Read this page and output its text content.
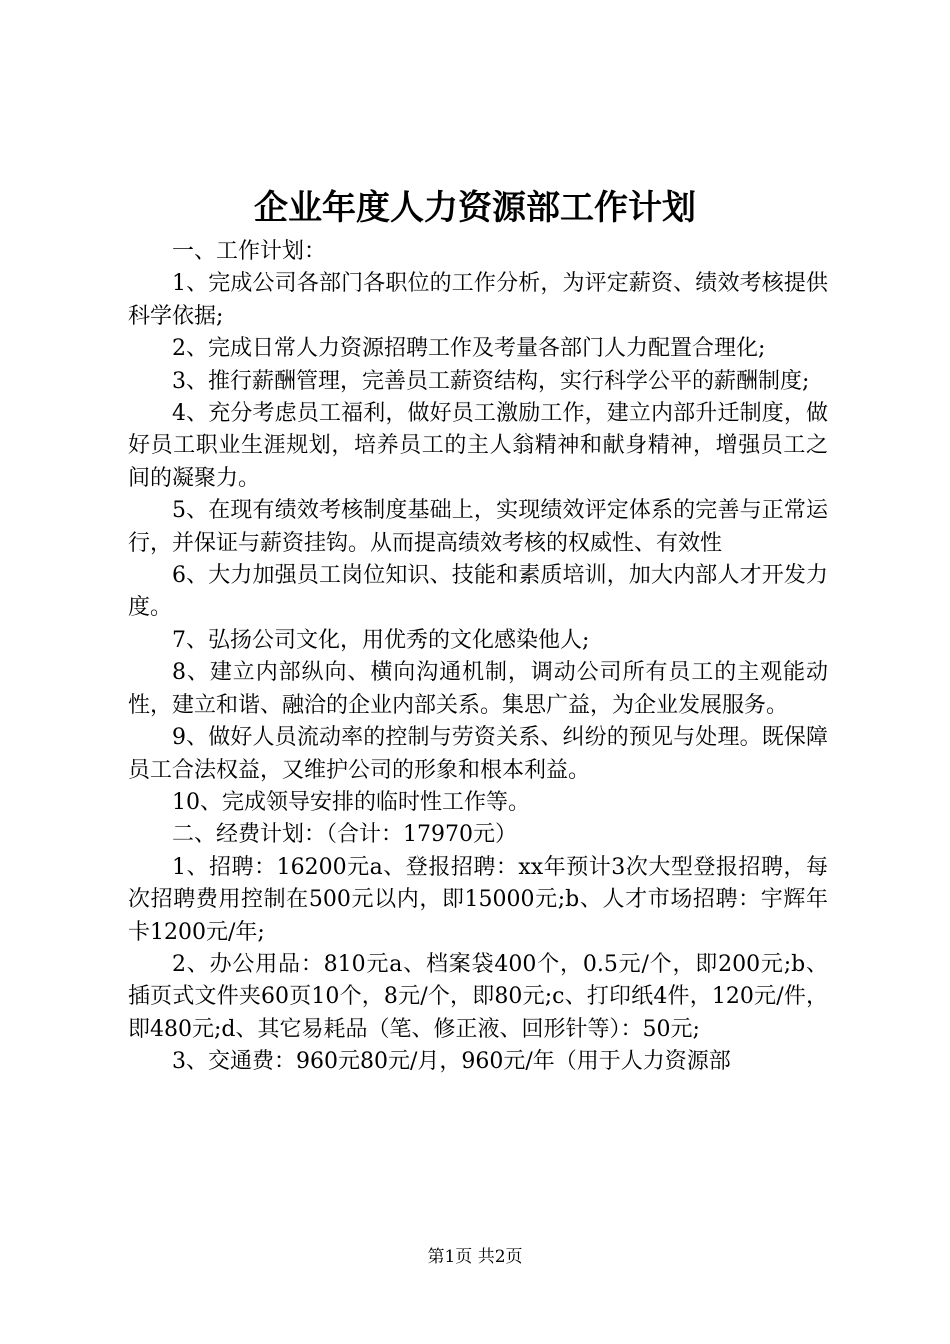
企业年度人力资源部工作计划

一、工作计划：

1、完成公司各部门各职位的工作分析，为评定薪资、绩效考核提供科学依据;

2、完成日常人力资源招聘工作及考量各部门人力配置合理化;

3、推行薪酬管理，完善员工薪资结构，实行科学公平的薪酬制度;

4、充分考虑员工福利，做好员工激励工作，建立内部升迁制度，做好员工职业生涯规划，培养员工的主人翁精神和献身精神，增强员工之间的凝聚力。

5、在现有绩效考核制度基础上，实现绩效评定体系的完善与正常运行，并保证与薪资挂钩。从而提高绩效考核的权威性、有效性

6、大力加强员工岗位知识、技能和素质培训，加大内部人才开发力度。

7、弘扬公司文化，用优秀的文化感染他人;

8、建立内部纵向、横向沟通机制，调动公司所有员工的主观能动性，建立和谐、融洽的企业内部关系。集思广益，为企业发展服务。

9、做好人员流动率的控制与劳资关系、纠纷的预见与处理。既保障员工合法权益，又维护公司的形象和根本利益。

10、完成领导安排的临时性工作等。

二、经费计划：（合计：17970元）

1、招聘：16200元a、登报招聘：xx年预计3次大型登报招聘，每次招聘费用控制在500元以内，即15000元;b、人才市场招聘：宇辉年卡1200元/年;

2、办公用品：810元a、档案袋400个，0.5元/个，即200元;b、插页式文件夹60页10个，8元/个，即80元;c、打印纸4件，120元/件，即480元;d、其它易耗品（笔、修正液、回形针等）：50元;

3、交通费：960元80元/月，960元/年（用于人力资源部

第1页 共2页
